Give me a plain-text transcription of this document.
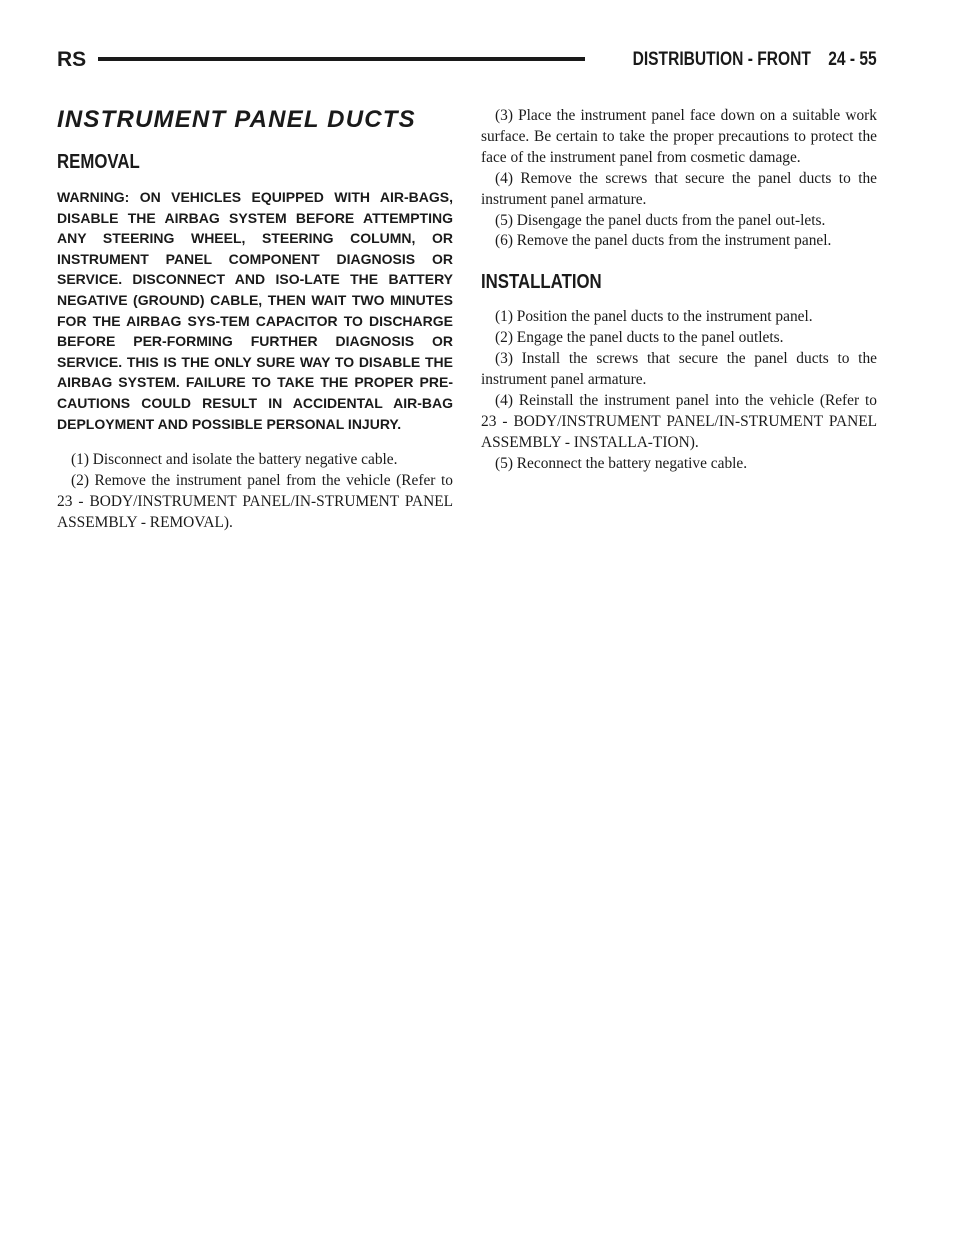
RS	DISTRIBUTION - FRONT    24 - 55
INSTRUMENT PANEL DUCTS
REMOVAL

WARNING: ON VEHICLES EQUIPPED WITH AIR-BAGS, DISABLE THE AIRBAG SYSTEM BEFORE ATTEMPTING ANY STEERING WHEEL, STEERING COLUMN, OR INSTRUMENT PANEL COMPONENT DIAGNOSIS OR SERVICE. DISCONNECT AND ISO-LATE THE BATTERY NEGATIVE (GROUND) CABLE, THEN WAIT TWO MINUTES FOR THE AIRBAG SYS-TEM CAPACITOR TO DISCHARGE BEFORE PER-FORMING FURTHER DIAGNOSIS OR SERVICE. THIS IS THE ONLY SURE WAY TO DISABLE THE AIRBAG SYSTEM. FAILURE TO TAKE THE PROPER PRE-CAUTIONS COULD RESULT IN ACCIDENTAL AIR-BAG DEPLOYMENT AND POSSIBLE PERSONAL INJURY.

(1) Disconnect and isolate the battery negative cable.

(2) Remove the instrument panel from the vehicle (Refer to 23 - BODY/INSTRUMENT PANEL/IN-STRUMENT PANEL ASSEMBLY - REMOVAL).

(3) Place the instrument panel face down on a suitable work surface. Be certain to take the proper precautions to protect the face of the instrument panel from cosmetic damage.

(4) Remove the screws that secure the panel ducts to the instrument panel armature.

(5) Disengage the panel ducts from the panel out-lets.

(6) Remove the panel ducts from the instrument panel.

INSTALLATION

(1) Position the panel ducts to the instrument panel.

(2) Engage the panel ducts to the panel outlets.

(3) Install the screws that secure the panel ducts to the instrument panel armature.

(4) Reinstall the instrument panel into the vehicle (Refer to 23 - BODY/INSTRUMENT PANEL/IN-STRUMENT PANEL ASSEMBLY - INSTALLA-TION).

(5) Reconnect the battery negative cable.
